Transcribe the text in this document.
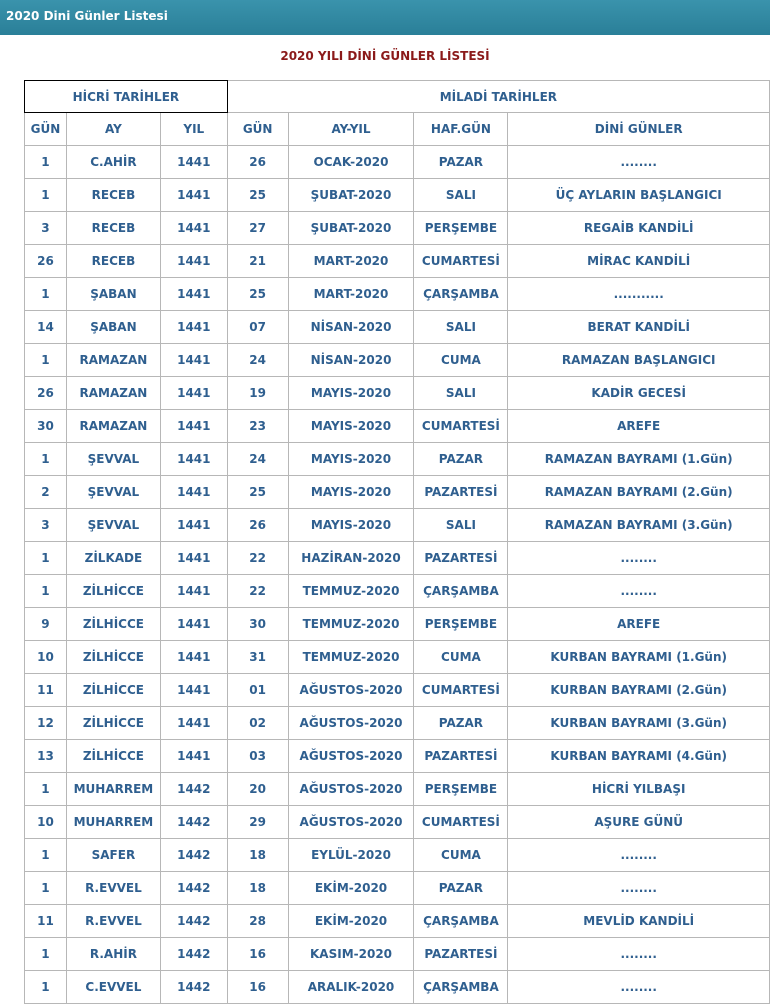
2020 Dini Günler Listesi
2020 YILI DİNİ GÜNLER LİSTESİ
HİCRİ TARİHLER			MİLADİ TARİHLER			
GÜN	AY	YIL	GÜN	AY-YIL	HAF.GÜN	DİNİ GÜNLER
1	C.AHİR	1441	26	OCAK-2020	PAZAR	........
1	RECEB	1441	25	ŞUBAT-2020	SALI	ÜÇ AYLARIN BAŞLANGICI
3	RECEB	1441	27	ŞUBAT-2020	PERŞEMBE	REGAİB KANDİLİ
26	RECEB	1441	21	MART-2020	CUMARTESİ	MİRAC KANDİLİ
1	ŞABAN	1441	25	MART-2020	ÇARŞAMBA	...........
14	ŞABAN	1441	07	NİSAN-2020	SALI	BERAT KANDİLİ
1	RAMAZAN	1441	24	NİSAN-2020	CUMA	RAMAZAN BAŞLANGICI
26	RAMAZAN	1441	19	MAYIS-2020	SALI	KADİR GECESİ
30	RAMAZAN	1441	23	MAYIS-2020	CUMARTESİ	AREFE
1	ŞEVVAL	1441	24	MAYIS-2020	PAZAR	RAMAZAN BAYRAMI (1.Gün)
2	ŞEVVAL	1441	25	MAYIS-2020	PAZARTESİ	RAMAZAN BAYRAMI (2.Gün)
3	ŞEVVAL	1441	26	MAYIS-2020	SALI	RAMAZAN BAYRAMI (3.Gün)
1	ZİLKADE	1441	22	HAZİRAN-2020	PAZARTESİ	........
1	ZİLHİCCE	1441	22	TEMMUZ-2020	ÇARŞAMBA	........
9	ZİLHİCCE	1441	30	TEMMUZ-2020	PERŞEMBE	AREFE
10	ZİLHİCCE	1441	31	TEMMUZ-2020	CUMA	KURBAN BAYRAMI (1.Gün)
11	ZİLHİCCE	1441	01	AĞUSTOS-2020	CUMARTESİ	KURBAN BAYRAMI (2.Gün)
12	ZİLHİCCE	1441	02	AĞUSTOS-2020	PAZAR	KURBAN BAYRAMI (3.Gün)
13	ZİLHİCCE	1441	03	AĞUSTOS-2020	PAZARTESİ	KURBAN BAYRAMI (4.Gün)
1	MUHARREM	1442	20	AĞUSTOS-2020	PERŞEMBE	HİCRİ YILBAŞI
10	MUHARREM	1442	29	AĞUSTOS-2020	CUMARTESİ	AŞURE GÜNÜ
1	SAFER	1442	18	EYLÜL-2020	CUMA	........
1	R.EVVEL	1442	18	EKİM-2020	PAZAR	........
11	R.EVVEL	1442	28	EKİM-2020	ÇARŞAMBA	MEVLİD KANDİLİ
1	R.AHİR	1442	16	KASIM-2020	PAZARTESİ	........
1	C.EVVEL	1442	16	ARALIK-2020	ÇARŞAMBA	........
